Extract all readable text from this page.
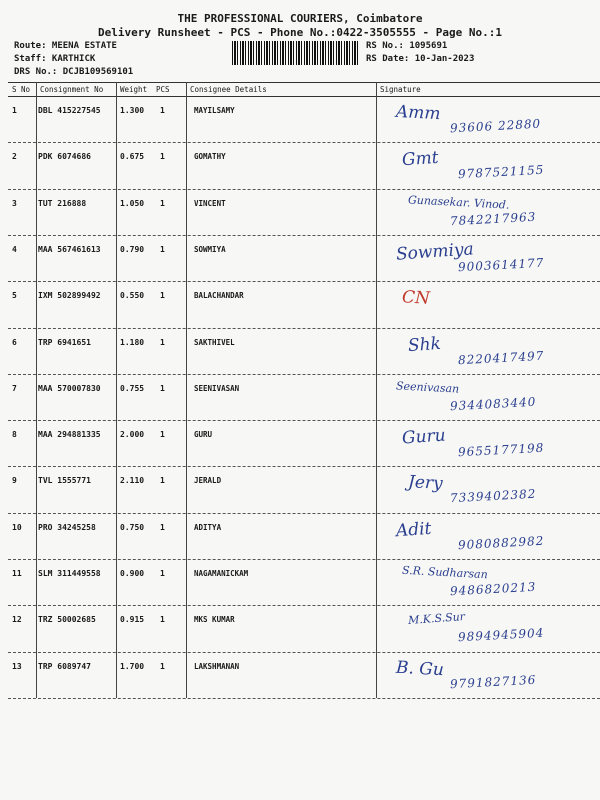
THE PROFESSIONAL COURIERS, Coimbatore
Delivery Runsheet - PCS - Phone No.:0422-3505555 - Page No.:1
Route: MEENA ESTATE
Staff: KARTHICK
DRS No.: DCJB109569101
RS No.: 1095691
RS Date: 10-Jan-2023
S No Consignment No Weight PCS	Consignee Details	Signature
1	DBL 415227545 1.300 1	MAYILSAMY	Amm
93606 22880
2	PDK 6074686	0.675 1	GOMATHY	Gmt
9787521155
3	TUT 216888	1.050 1	VINCENT	Gunasekar. Vinod.
7842217963
4	MAA 567461613 0.790 1	SOWMIYA	Sowmiya
9003614177
5	IXM 502899492 0.550 1	BALACHANDAR	CN
6	TRP 6941651	1.180 1	SAKTHIVEL	Shk
8220417497
7	MAA 570007830 0.755 1	SEENIVASAN	Seenivasan
9344083440
8	MAA 294881335 2.000 1	GURU	Guru
9655177198
9	TVL 1555771	2.110 1	JERALD	Jery
7339402382
10 PRO 34245258	0.750 1	ADITYA	Adit
9080882982
11 SLM 311449558 0.900 1	NAGAMANICKAM	S.R. Sudharsan
9486820213
12 TRZ 50002685	0.915 1	MKS KUMAR	M.K.S.Sur
9894945904
13 TRP 6089747	1.700 1	LAKSHMANAN	B. Gu
9791827136
